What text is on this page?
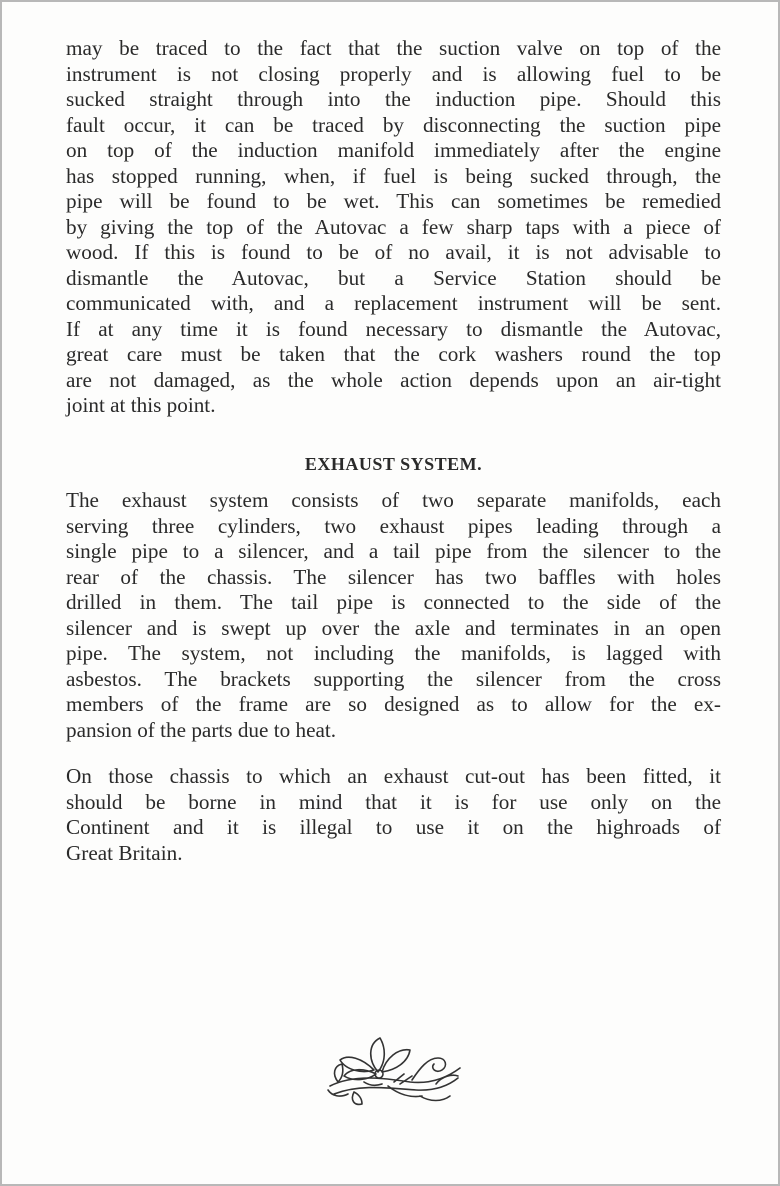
may be traced to the fact that the suction valve on top of the
instrument is not closing properly and is allowing fuel to be
sucked straight through into the induction pipe. Should this
fault occur, it can be traced by disconnecting the suction pipe
on top of the induction manifold immediately after the engine
has stopped running, when, if fuel is being sucked through, the
pipe will be found to be wet. This can sometimes be remedied
by giving the top of the Autovac a few sharp taps with a piece of
wood. If this is found to be of no avail, it is not advisable to
dismantle the Autovac, but a Service Station should be
communicated with, and a replacement instrument will be sent.
If at any time it is found necessary to dismantle the Autovac,
great care must be taken that the cork washers round the top
are not damaged, as the whole action depends upon an air-tight
joint at this point.
EXHAUST SYSTEM.
The exhaust system consists of two separate manifolds, each
serving three cylinders, two exhaust pipes leading through a
single pipe to a silencer, and a tail pipe from the silencer to the
rear of the chassis. The silencer has two baffles with holes
drilled in them. The tail pipe is connected to the side of the
silencer and is swept up over the axle and terminates in an open
pipe. The system, not including the manifolds, is lagged with
asbestos. The brackets supporting the silencer from the cross
members of the frame are so designed as to allow for the ex-
pansion of the parts due to heat.
On those chassis to which an exhaust cut-out has been fitted, it
should be borne in mind that it is for use only on the
Continent and it is illegal to use it on the highroads of
Great Britain.
